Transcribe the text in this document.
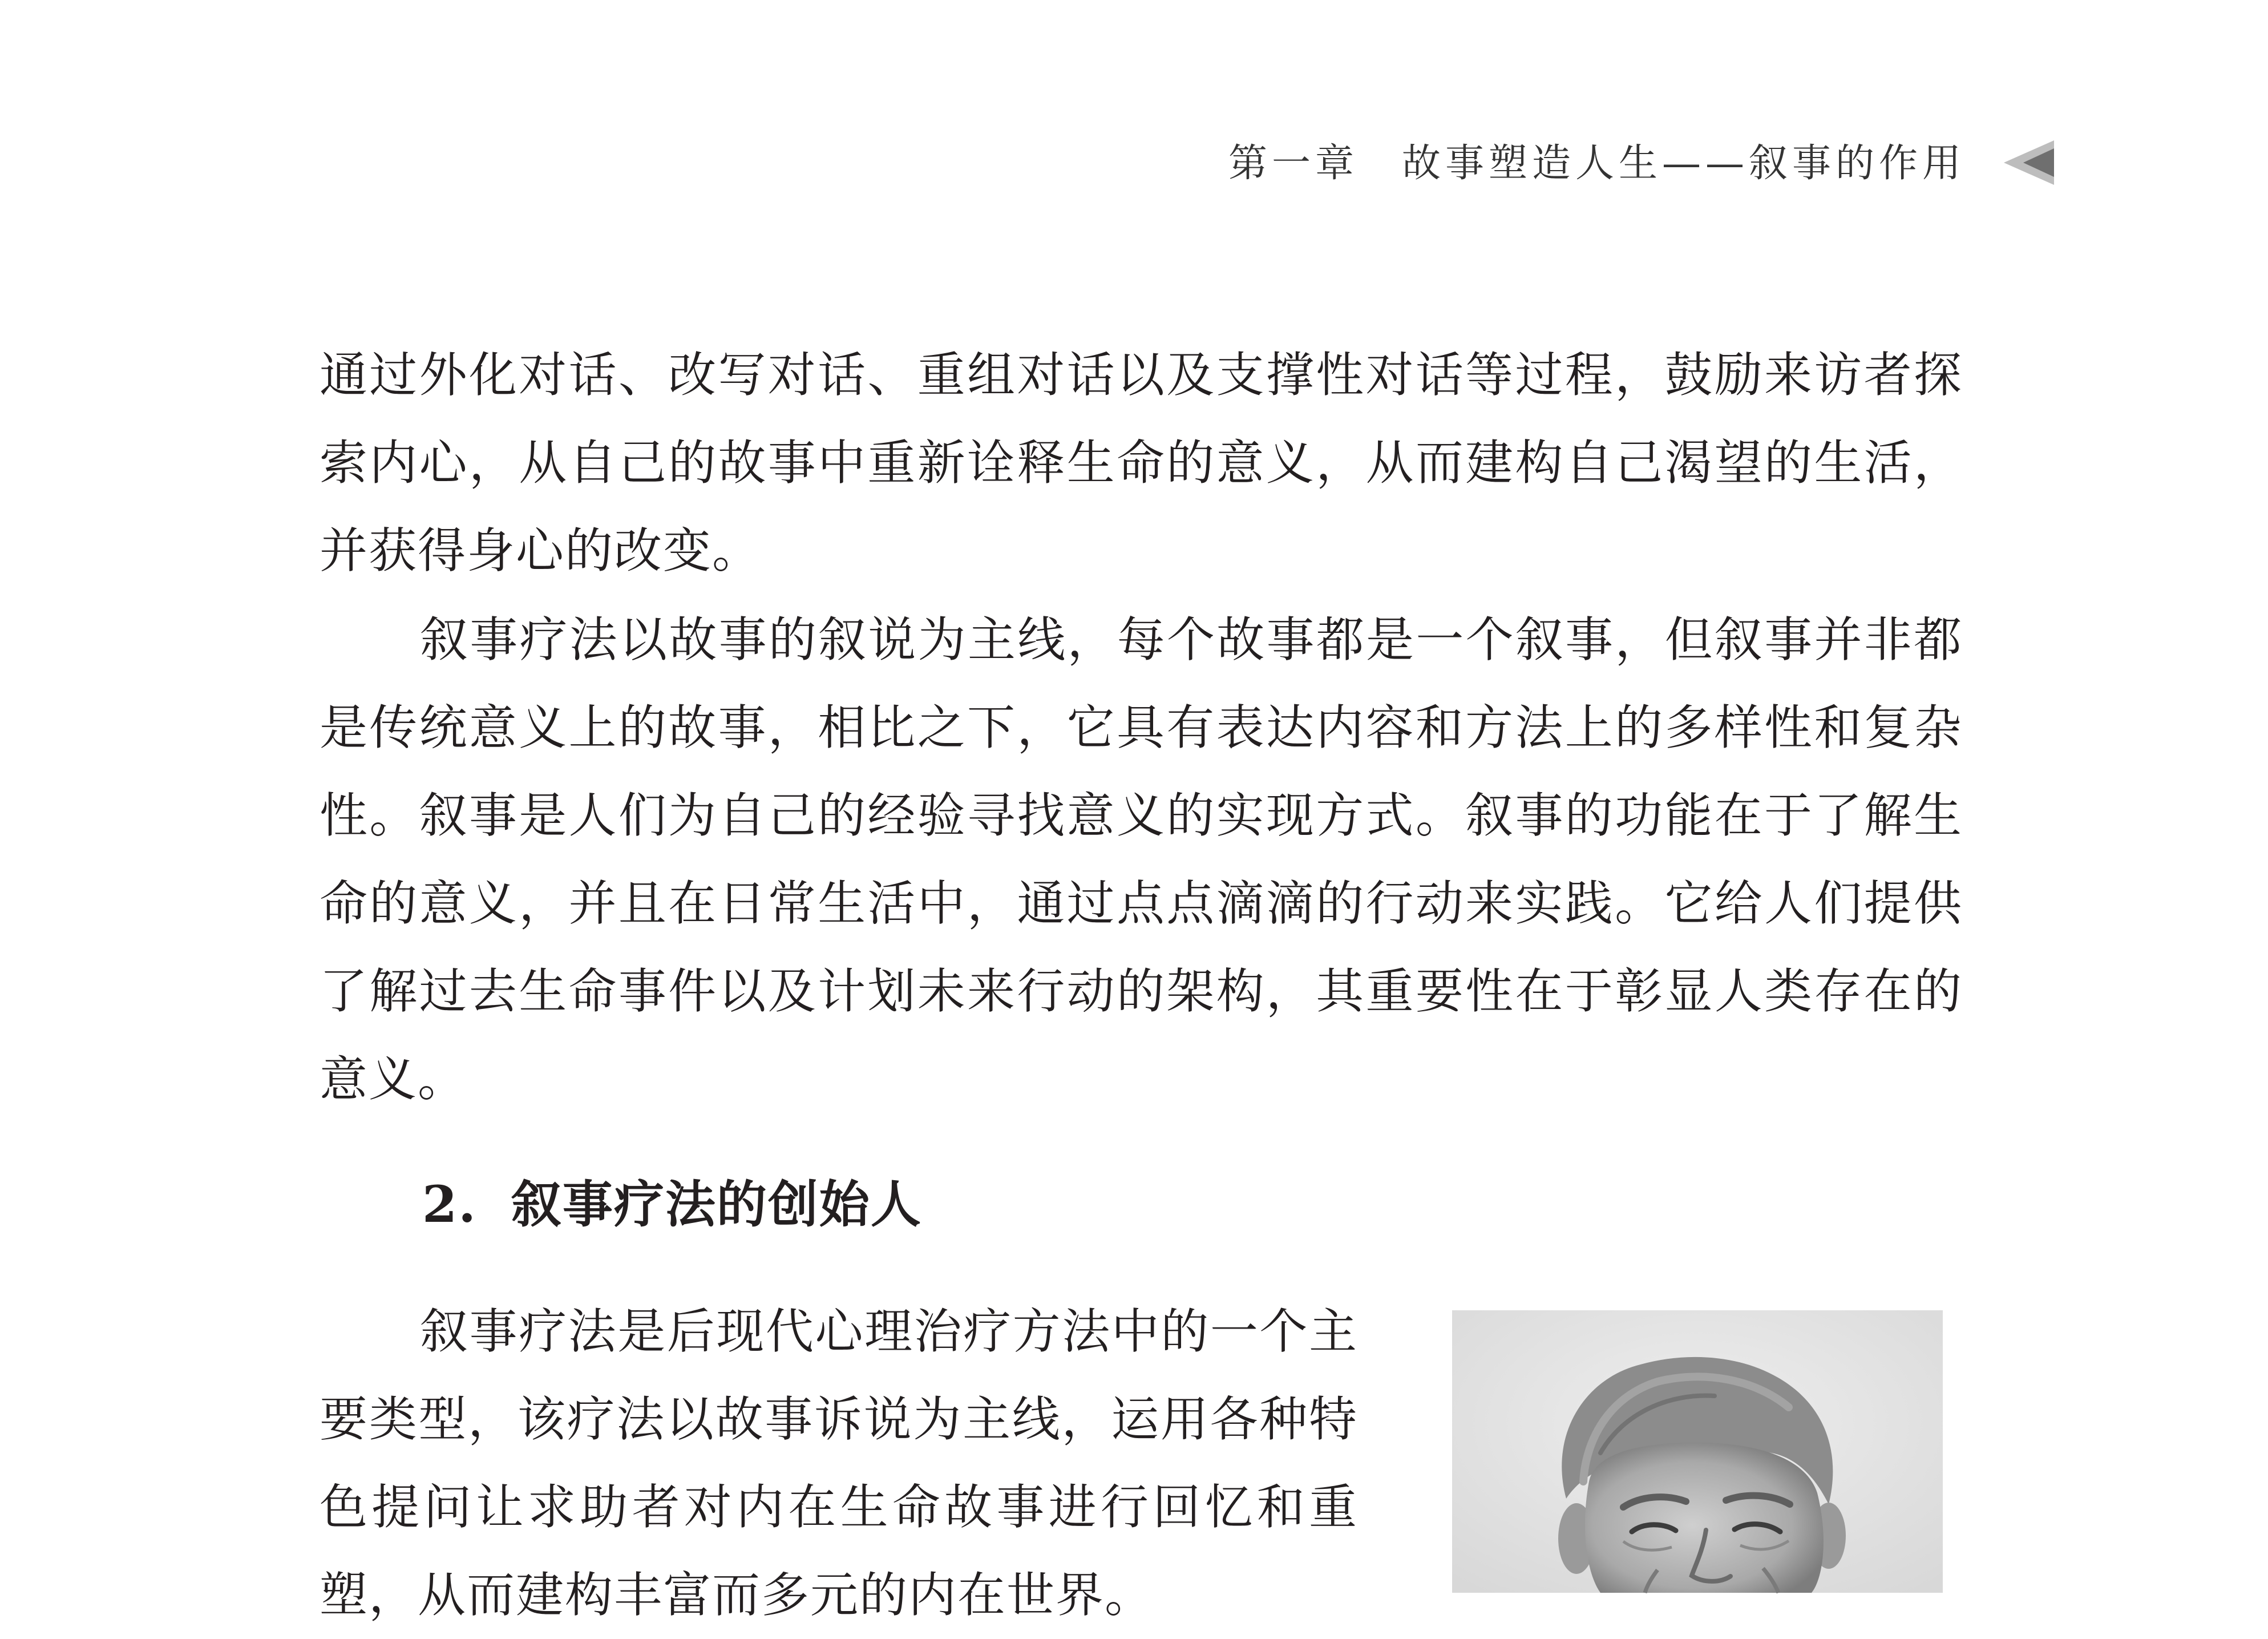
第一章　故事塑造人生——叙事的作用

通过外化对话、改写对话、重组对话以及支撑性对话等过程，鼓励来访者探索内心，从自己的故事中重新诠释生命的意义，从而建构自己渴望的生活，并获得身心的改变。

叙事疗法以故事的叙说为主线，每个故事都是一个叙事，但叙事并非都是传统意义上的故事，相比之下，它具有表达内容和方法上的多样性和复杂性。叙事是人们为自己的经验寻找意义的实现方式。叙事的功能在于了解生命的意义，并且在日常生活中，通过点点滴滴的行动来实践。它给人们提供了解过去生命事件以及计划未来行动的架构，其重要性在于彰显人类存在的意义。

2. 叙事疗法的创始人

叙事疗法是后现代心理治疗方法中的一个主要类型，该疗法以故事诉说为主线，运用各种特色提问让求助者对内在生命故事进行回忆和重塑，从而建构丰富而多元的内在世界。
